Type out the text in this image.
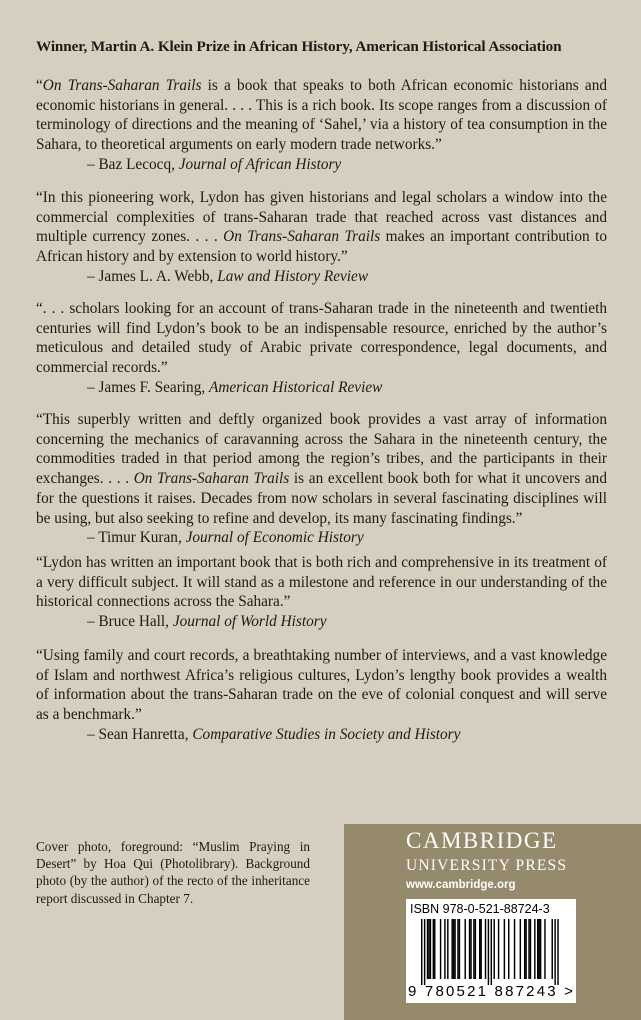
Winner, Martin A. Klein Prize in African History, American Historical Association

“On Trans-Saharan Trails is a book that speaks to both African economic historians and economic historians in general. . . . This is a rich book. Its scope ranges from a discussion of terminology of directions and the meaning of ‘Sahel,’ via a history of tea consumption in the Sahara, to theoretical arguments on early modern trade networks.”

– Baz Lecocq, Journal of African History

“In this pioneering work, Lydon has given historians and legal scholars a window into the commercial complexities of trans-Saharan trade that reached across vast distances and multiple currency zones. . . . On Trans-Saharan Trails makes an important contribution to African history and by extension to world history.”

– James L. A. Webb, Law and History Review

“. . . scholars looking for an account of trans-Saharan trade in the nineteenth and twentieth centuries will find Lydon’s book to be an indispensable resource, enriched by the author’s meticulous and detailed study of Arabic private correspondence, legal documents, and commercial records.”

– James F. Searing, American Historical Review

“This superbly written and deftly organized book provides a vast array of information concerning the mechanics of caravanning across the Sahara in the nineteenth century, the commodities traded in that period among the region’s tribes, and the participants in their exchanges. . . . On Trans-Saharan Trails is an excellent book both for what it uncovers and for the questions it raises. Decades from now scholars in several fascinating disciplines will be using, but also seeking to refine and develop, its many fascinating findings.”

– Timur Kuran, Journal of Economic History

“Lydon has written an important book that is both rich and comprehensive in its treatment of a very difficult subject. It will stand as a milestone and reference in our understanding of the historical connections across the Sahara.”

– Bruce Hall, Journal of World History

“Using family and court records, a breathtaking number of interviews, and a vast knowledge of Islam and northwest Africa’s religious cultures, Lydon’s lengthy book provides a wealth of information about the trans-Saharan trade on the eve of colonial conquest and will serve as a benchmark.”

– Sean Hanretta, Comparative Studies in Society and History

Cover photo, foreground: “Muslim Praying in Desert” by Hoa Qui (Photolibrary). Background photo (by the author) of the recto of the inheritance report discussed in Chapter 7.
CAMBRIDGE
UNIVERSITY PRESS
www.cambridge.org
ISBN 978-0-521-88724-3
9 780521 887243 >
